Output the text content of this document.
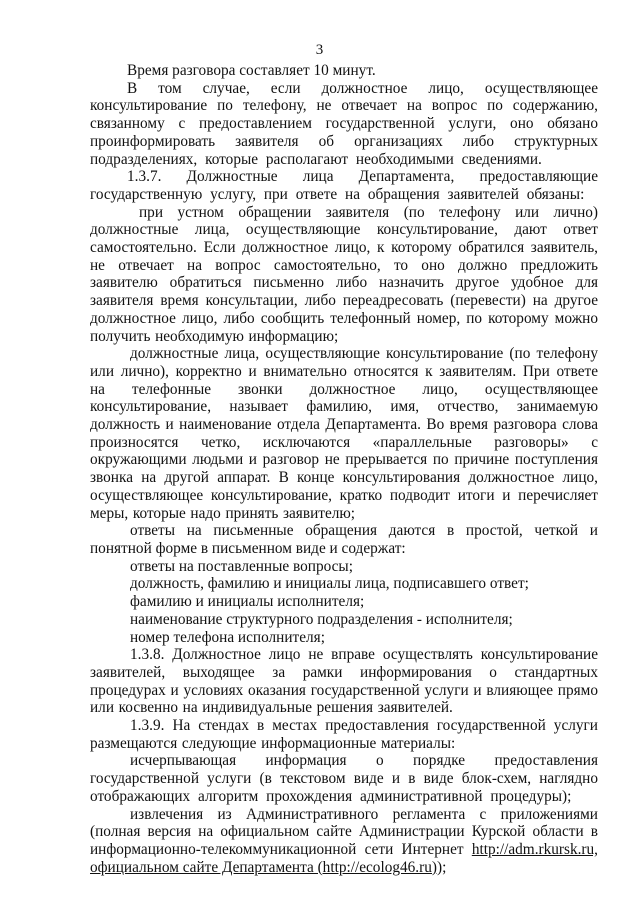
3

Время разговора составляет 10 минут.

В том случае, если должностное лицо, осуществляющее консультирование по телефону, не отвечает на вопрос по содержанию, связанному с предоставлением государственной услуги, оно обязано проинформировать заявителя об организациях либо структурных подразделениях, которые располагают необходимыми сведениями.

1.3.7. Должностные лица Департамента, предоставляющие государственную услугу, при ответе на обращения заявителей обязаны:

при устном обращении заявителя (по телефону или лично) должностные лица, осуществляющие консультирование, дают ответ самостоятельно. Если должностное лицо, к которому обратился заявитель, не отвечает на вопрос самостоятельно, то оно должно предложить заявителю обратиться письменно либо назначить другое удобное для заявителя время консультации, либо переадресовать (перевести) на другое должностное лицо, либо сообщить телефонный номер, по которому можно получить необходимую информацию;

должностные лица, осуществляющие консультирование (по телефону или лично), корректно и внимательно относятся к заявителям. При ответе на телефонные звонки должностное лицо, осуществляющее консультирование, называет фамилию, имя, отчество, занимаемую должность и наименование отдела Департамента. Во время разговора слова произносятся четко, исключаются «параллельные разговоры» с окружающими людьми и разговор не прерывается по причине поступления звонка на другой аппарат. В конце консультирования должностное лицо, осуществляющее консультирование, кратко подводит итоги и перечисляет меры, которые надо принять заявителю;

ответы на письменные обращения даются в простой, четкой и понятной форме в письменном виде и содержат:

ответы на поставленные вопросы;

должность, фамилию и инициалы лица, подписавшего ответ;

фамилию и инициалы исполнителя;

наименование структурного подразделения - исполнителя;

номер телефона исполнителя;

1.3.8. Должностное лицо не вправе осуществлять консультирование заявителей, выходящее за рамки информирования о стандартных процедурах и условиях оказания государственной услуги и влияющее прямо или косвенно на индивидуальные решения заявителей.

1.3.9. На стендах в местах предоставления государственной услуги размещаются следующие информационные материалы:

исчерпывающая информация о порядке предоставления государственной услуги (в текстовом виде и в виде блок-схем, наглядно отображающих алгоритм прохождения административной процедуры);

извлечения из Административного регламента с приложениями (полная версия на официальном сайте Администрации Курской области в информационно-телекоммуникационной сети Интернет http://adm.rkursk.ru, официальном сайте Департамента (http://ecolog46.ru));
